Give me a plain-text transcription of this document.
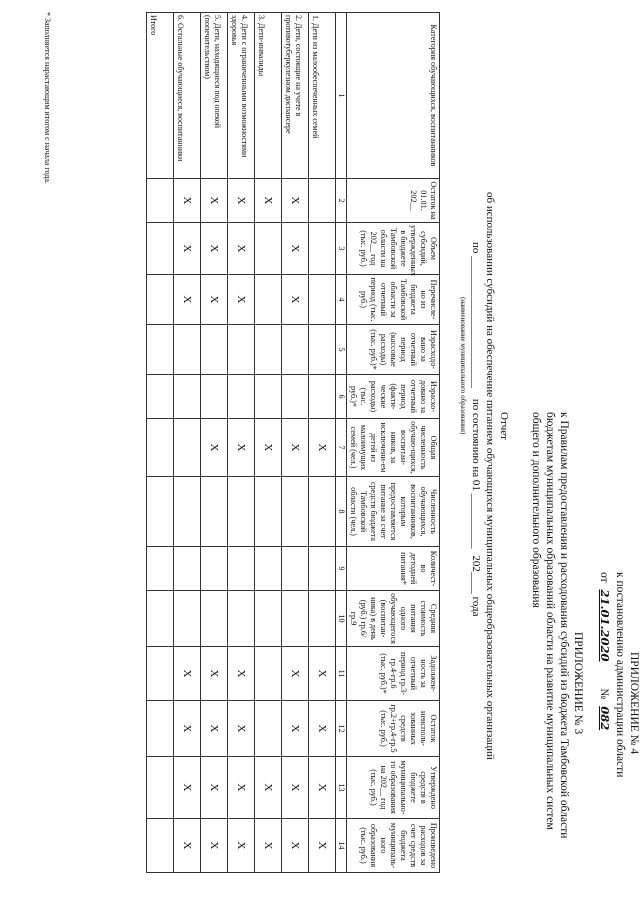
ПРИЛОЖЕНИЕ № 4
к постановлению администрации области
от 21.01.2020 № 082
ПРИЛОЖЕНИЕ № 3
к Правилам предоставления и расходования субсидий из бюджета Тамбовской области
бюджетам муниципальных образований области на развитие муниципальных систем
общего и дополнительного образования
Отчет
об использовании субсидий на обеспечение питанием обучающихся муниципальных общеобразовательных организаций
по ________________________ по состоянию на 01 __________ 202____ года
(наименование муниципального образования)
Категория обучающихся, воспитанников	Остаток на 01.01. 202__	Объем субсидий, утвержденных в бюджете Тамбовской области на 202__ год (тыс. руб.)	Перечисле-но из бюджета Тамбовской области за отчетный период (тыс. руб.)	Израсходо-вано за отчетный период (кассовые расходы) (тыс. руб.)*	Израсхо-довано за отчетный период (факти-ческие расходы) (тыс. руб.)*	Общая численность обучаю-щихся, воспитан-ников, за исключени-ем детей из малоимущих семей (чел.)	Численность обучающихся, воспитанников, которым предоставляется питание за счет средств бюджета Тамбовской области (чел.)	Количест-во детодней питания*	Средняя стоимость питания одного обучающегося (воспитан-ника) в день (руб.) гр.6/гр.9	Задолжен-ность за отчетный период гр.3-гр.4-гр.6 (тыс. руб.)*	Остаток неисполь-зованных средств гр.2+гр.4-гр.5 (тыс. руб.)	Утверждено средств в бюджете муниципально-го образования на 202__ год (тыс. руб.)	Произведено расходов за счет средств бюджета муниципаль-ного образования (тыс. руб.)
1	2	3	4	5	6	7	8	9	10	11	12	13	14
1. Дети из малообеспеченных семей						X				X	X	X	X
2. Дети, состоящие на учете в противотуберкулезном диспансере	X	X	X			X				X	X	X	X
3. Дети-инвалиды	X					X						X	X
4. Дети с ограниченными возможностями здоровья	X	X	X			X				X	X	X	X
5. Дети, находящиеся под опекой (попечительством)	X	X	X			X				X	X	X	X
6. Остальные обучающиеся, воспитанники	X	X	X							X	X	X	X
Итого													
* Заполняется нарастающим итогом с начала года.
